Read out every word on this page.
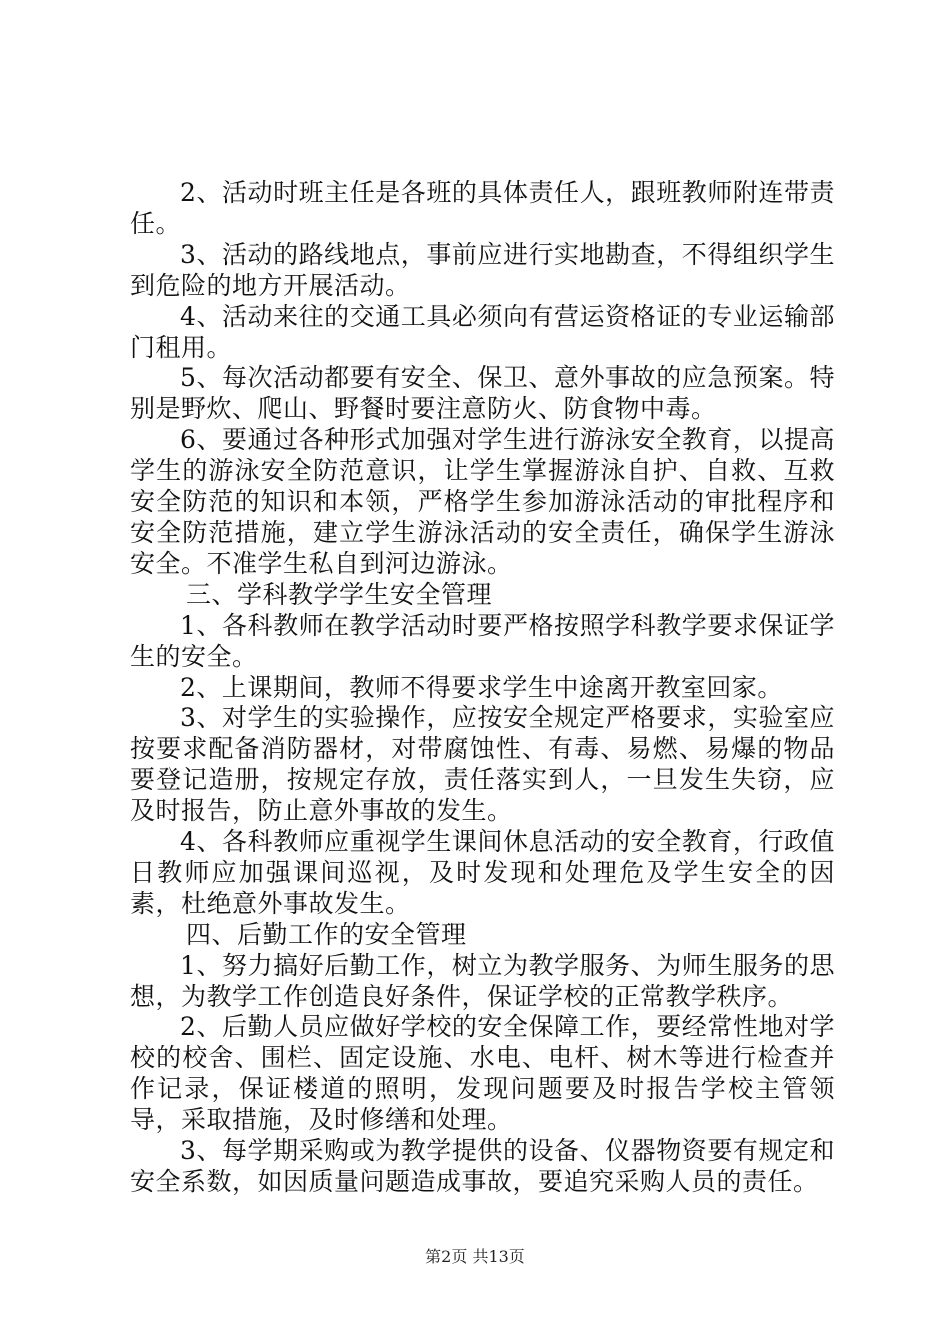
2、活动时班主任是各班的具体责任人，跟班教师附连带责任。

3、活动的路线地点，事前应进行实地勘查，不得组织学生到危险的地方开展活动。

4、活动来往的交通工具必须向有营运资格证的专业运输部门租用。

5、每次活动都要有安全、保卫、意外事故的应急预案。特别是野炊、爬山、野餐时要注意防火、防食物中毒。

6、要通过各种形式加强对学生进行游泳安全教育，以提高学生的游泳安全防范意识，让学生掌握游泳自护、自救、互救安全防范的知识和本领，严格学生参加游泳活动的审批程序和安全防范措施，建立学生游泳活动的安全责任，确保学生游泳安全。不准学生私自到河边游泳。

三、学科教学学生安全管理

1、各科教师在教学活动时要严格按照学科教学要求保证学生的安全。

2、上课期间，教师不得要求学生中途离开教室回家。

3、对学生的实验操作，应按安全规定严格要求，实验室应按要求配备消防器材，对带腐蚀性、有毒、易燃、易爆的物品要登记造册，按规定存放，责任落实到人，一旦发生失窃，应及时报告，防止意外事故的发生。

4、各科教师应重视学生课间休息活动的安全教育，行政值日教师应加强课间巡视，及时发现和处理危及学生安全的因素，杜绝意外事故发生。

四、后勤工作的安全管理

1、努力搞好后勤工作，树立为教学服务、为师生服务的思想，为教学工作创造良好条件，保证学校的正常教学秩序。

2、后勤人员应做好学校的安全保障工作，要经常性地对学校的校舍、围栏、固定设施、水电、电杆、树木等进行检查并作记录，保证楼道的照明，发现问题要及时报告学校主管领导，采取措施，及时修缮和处理。

3、每学期采购或为教学提供的设备、仪器物资要有规定和安全系数，如因质量问题造成事故，要追究采购人员的责任。

第2页 共13页
